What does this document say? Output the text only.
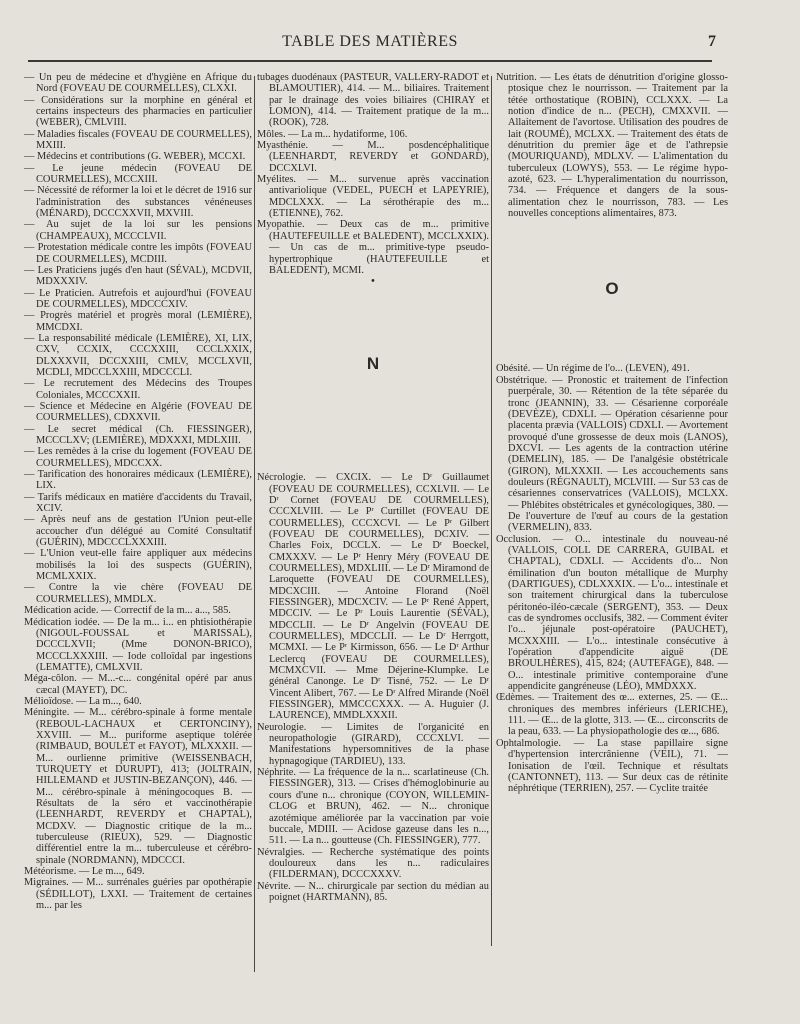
TABLE DES MATIÈRES	7

— Un peu de médecine et d'hygiène en Afrique du Nord (FOVEAU DE COURMELLES), CLXXI.

— Considérations sur la morphine en général et certains inspecteurs des pharmacies en particulier (WEBER), CMLVIII.

— Maladies fiscales (FOVEAU DE COURMELLES), MXIII.

— Médecins et contributions (G. WEBER), MCCXI.

— Le jeune médecin (FOVEAU DE COURMELLES), MCCXIII.

— Nécessité de réformer la loi et le décret de 1916 sur l'administration des substances vénéneuses (MÉNARD), DCCCXXVII, MXVIII.

— Au sujet de la loi sur les pensions (CHAMPEAUX), MCCCLVII.

— Protestation médicale contre les impôts (FOVEAU DE COURMELLES), MCDIII.

— Les Praticiens jugés d'en haut (SÉVAL), MCDVII, MDXXXIV.

— Le Praticien. Autrefois et aujourd'hui (FOVEAU DE COURMELLES), MDCCCXIV.

— Progrès matériel et progrès moral (LEMIÈRE), MMCDXI.

— La responsabilité médicale (LEMIÈRE), XI, LIX, CXV, CCXIX, CCCXXIII, CCCLXXIX, DLXXXVII, DCCXXIII, CMLV, MCCLXVII, MCDLI, MDCCLXXIII, MDCCCLI.

— Le recrutement des Médecins des Troupes Coloniales, MCCCXXII.

— Science et Médecine en Algérie (FOVEAU DE COURMELLES), CDXXVII.

— Le secret médical (Ch. FIESSINGER), MCCCLXV; (LEMIÈRE), MDXXXI, MDLXIII.

— Les remèdes à la crise du logement (FOVEAU DE COURMELLES), MDCCXX.

— Tarification des honoraires médicaux (LEMIÈRE), LIX.

— Tarifs médicaux en matière d'accidents du Travail, XCIV.

— Après neuf ans de gestation l'Union peut-elle accoucher d'un délégué au Comité Consultatif (GUÉRIN), MDCCCLXXXIII.

— L'Union veut-elle faire appliquer aux médecins mobilisés la loi des suspects (GUÉRIN), MCMLXXIX.

— Contre la vie chère (FOVEAU DE COURMELLES), MMDLX.

Médication acide. — Correctif de la m... a..., 585.

Médication iodée. — De la m... i... en phtisiothérapie (NIGOUL-FOUSSAL et MARISSAL), DCCCLXVII; (Mme DONON-BRICO), MCCCLXXXIII. — Iode colloïdal par ingestions (LEMATTE), CMLXVII.

Méga-côlon. — M...-c... congénital opéré par anus cæcal (MAYET), DC.

Mélioïdose. — La m..., 640.

Méningite. — M... cérébro-spinale à forme mentale (REBOUL-LACHAUX et CERTONCINY), XXVIII. — M... puriforme aseptique tolérée (RIMBAUD, BOULET et FAYOT), MLXXXII. — M... ourlienne primitive (WEISSENBACH, TURQUETY et DURUPT), 413; (JOLTRAIN, HILLEMAND et JUSTIN-BEZANÇON), 446. — M... cérébro-spinale à méningocoques B. — Résultats de la séro et vaccinothérapie (LEENHARDT, REVERDY et CHAPTAL), MCDXV. — Diagnostic critique de la m... tuberculeuse (RIEUX), 529. — Diagnostic différentiel entre la m... tuberculeuse et cérébro-spinale (NORDMANN), MDCCCI.

Météorisme. — Le m..., 649.

Migraines. — M... surrénales guéries par opothérapie (SÉDILLOT), LXXI. — Traitement de certaines m... par les

tubages duodénaux (PASTEUR, VALLERY-RADOT et BLAMOUTIER), 414. — M... biliaires. Traitement par le drainage des voies biliaires (CHIRAY et LOMON), 414. — Traitement pratique de la m... (ROOK), 728.

Môles. — La m... hydatiforme, 106.

Myasthénie. — M... posdencéphalitique (LEENHARDT, REVERDY et GONDARD), DCCXLVI.

Myélites. — M... survenue après vaccination antivariolique (VEDEL, PUECH et LAPEYRIE), MDCLXXX. — La sérothérapie des m... (ETIENNE), 762.

Myopathie. — Deux cas de m... primitive (HAUTEFEUILLE et BALEDENT), MCCLXXIX). — Un cas de m... primitive-type pseudo-hypertrophique (HAUTEFEUILLE et BALEDENT), MCMI.

•

N

Nécrologie. — CXCIX. — Le Dʳ Guillaumet (FOVEAU DE COURMELLES), CCXLVII. — Le Dʳ Cornet (FOVEAU DE COURMELLES), CCCXLVIII. — Le Pʳ Curtillet (FOVEAU DE COURMELLES), CCCXCVI. — Le Pʳ Gilbert (FOVEAU DE COURMELLES), DCXIV. — Charles Foix, DCCLX. — Le Dʳ Boeckel, CMXXXV. — Le Pʳ Henry Méry (FOVEAU DE COURMELLES), MDXLIII. — Le Dʳ Miramond de Laroquette (FOVEAU DE COURMELLES), MDCXCIII. — Antoine Florand (Noël FIESSINGER), MDCXCIV. — Le Pʳ René Appert, MDCCIV. — Le Pʳ Louis Laurentie (SÉVAL), MDCCLII. — Le Dʳ Angelvin (FOVEAU DE COURMELLES), MDCCLII. — Le Dʳ Herrgott, MCMXI. — Le Pʳ Kirmisson, 656. — Le Dʳ Arthur Leclercq (FOVEAU DE COURMELLES), MCMXCVII. — Mme Déjerine-Klumpke. Le général Canonge. Le Dʳ Tisné, 752. — Le Dʳ Vincent Alibert, 767. — Le Dʳ Alfred Mirande (Noël FIESSINGER), MMCCCXXX. — A. Huguier (J. LAURENCE), MMDLXXXII.

Neurologie. — Limites de l'organicité en neuropathologie (GIRARD), CCCXLVI. — Manifestations hypersomnitives de la phase hypnagogique (TARDIEU), 133.

Néphrite. — La fréquence de la n... scarlatineuse (Ch. FIESSINGER), 313. — Crises d'hémoglobinurie au cours d'une n... chronique (COYON, WILLEMIN-CLOG et BRUN), 462. — N... chronique azotémique améliorée par la vaccination par voie buccale, MDIII. — Acidose gazeuse dans les n..., 511. — La n... goutteuse (Ch. FIESSINGER), 777.

Névralgies. — Recherche systématique des points douloureux dans les n... radiculaires (FILDERMAN), DCCCXXXV.

Névrite. — N... chirurgicale par section du médian au poignet (HARTMANN), 85.

Nutrition. — Les états de dénutrition d'origine glosso-ptosique chez le nourrisson. — Traitement par la tétée orthostatique (ROBIN), CCLXXX. — La notion d'indice de n... (PECH), CMXXVII. — Allaitement de l'avortose. Utilisation des poudres de lait (ROUMÉ), MCLXX. — Traitement des états de dénutrition du premier âge et de l'athrepsie (MOURIQUAND), MDLXV. — L'alimentation du tuberculeux (LOWYS), 553. — Le régime hypo-azoté, 623. — L'hyperalimentation du nourrisson, 734. — Fréquence et dangers de la sous-alimentation chez le nourrisson, 783. — Les nouvelles conceptions alimentaires, 873.

O

Obésité. — Un régime de l'o... (LEVEN), 491.

Obstétrique. — Pronostic et traitement de l'infection puerpérale, 30. — Rétention de la tête séparée du tronc (JEANNIN), 33. — Césarienne corporéale (DEVÈZE), CDXLI. — Opération césarienne pour placenta prævia (VALLOIS) CDXLI. — Avortement provoqué d'une grossesse de deux mois (LANOS), DXCVI. — Les agents de la contraction utérine (DEMELIN), 185. — De l'analgésie obstétricale (GIRON), MLXXXII. — Les accouchements sans douleurs (RÉGNAULT), MCLVIII. — Sur 53 cas de césariennes conservatrices (VALLOIS), MCLXX. — Phlébites obstétricales et gynécologiques, 380. — De l'ouverture de l'œuf au cours de la gestation (VERMELIN), 833.

Occlusion. — O... intestinale du nouveau-né (VALLOIS, COLL DE CARRERA, GUIBAL et CHAPTAL), CDXLI. — Accidents d'o... Non émilination d'un bouton métallique de Murphy (DARTIGUES), CDLXXXIX. — L'o... intestinale et son traitement chirurgical dans la tuberculose péritonéo-iléo-cæcale (SERGENT), 353. — Deux cas de syndromes occlusifs, 382. — Comment éviter l'o... jéjunale post-opératoire (PAUCHET), MCXXXIII. — L'o... intestinale consécutive à l'opération d'appendicite aiguë (DE BROULHÈRES), 415, 824; (AUTEFAGE), 848. — O... intestinale primitive contemporaine d'une appendicite gangréneuse (LÉO), MMDXXX.

Œdèmes. — Traitement des œ... externes, 25. — Œ... chroniques des membres inférieurs (LERICHE), 111. — Œ... de la glotte, 313. — Œ... circonscrits de la peau, 633. — La physiopathologie des œ..., 686.

Ophtalmologie. — La stase papillaire signe d'hypertension intercrânienne (VEIL), 71. — Ionisation de l'œil. Technique et résultats (CANTONNET), 113. — Sur deux cas de rétinite néphrétique (TERRIEN), 257. — Cyclite traitée
